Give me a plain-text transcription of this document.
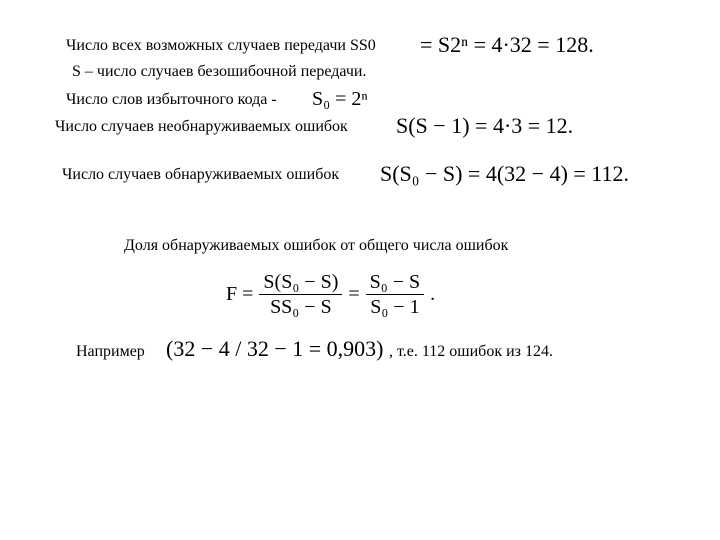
Число всех возможных случаев передачи SS0 = S2ⁿ = 4·32 = 128.
S – число случаев безошибочной передачи.
Число слов избыточного кода - S₀ = 2ⁿ
Число случаев необнаруживаемых ошибок S(S − 1) = 4·3 = 12.
Число случаев обнаруживаемых ошибок S(S₀ − S) = 4(32 − 4) = 112.
Доля обнаруживаемых ошибок от общего числа ошибок
$F = \frac{\text{S(S₀ − S)}}{\text{SS₀ − S}} = \frac{\text{S₀ − S}}{\text{S₀ − 1}}$ .
Например (32 − 4 / 32 − 1 = 0,903) , т.е. 112 ошибок из 124.
